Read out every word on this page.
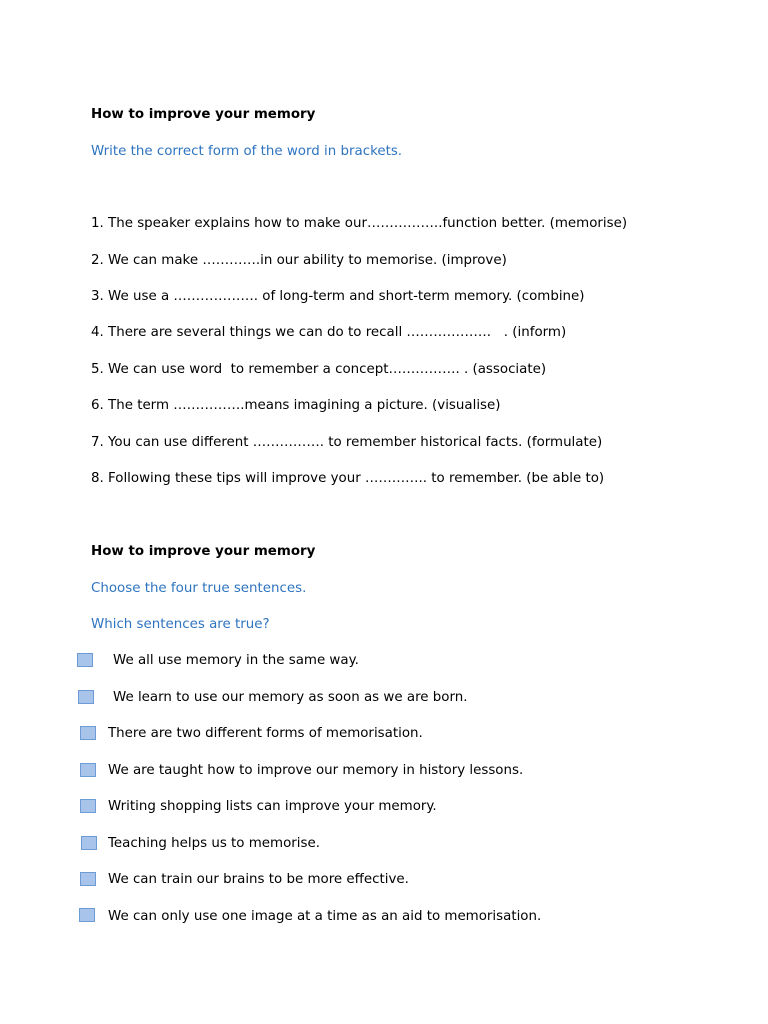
How to improve your memory
Write the correct form of the word in brackets.
1. The speaker explains how to make our……………..function better. (memorise)
2. We can make ………….in our ability to memorise. (improve)
3. We use a ………………. of long-term and short-term memory. (combine)
4. There are several things we can do to recall ……………….   . (inform)
5. We can use word  to remember a concept……………. . (associate)
6. The term …………….means imagining a picture. (visualise)
7. You can use different ……………. to remember historical facts. (formulate)
8. Following these tips will improve your ………….. to remember. (be able to)
How to improve your memory
Choose the four true sentences.
Which sentences are true?
We all use memory in the same way.
We learn to use our memory as soon as we are born.
There are two different forms of memorisation.
We are taught how to improve our memory in history lessons.
Writing shopping lists can improve your memory.
Teaching helps us to memorise.
We can train our brains to be more effective.
We can only use one image at a time as an aid to memorisation.
